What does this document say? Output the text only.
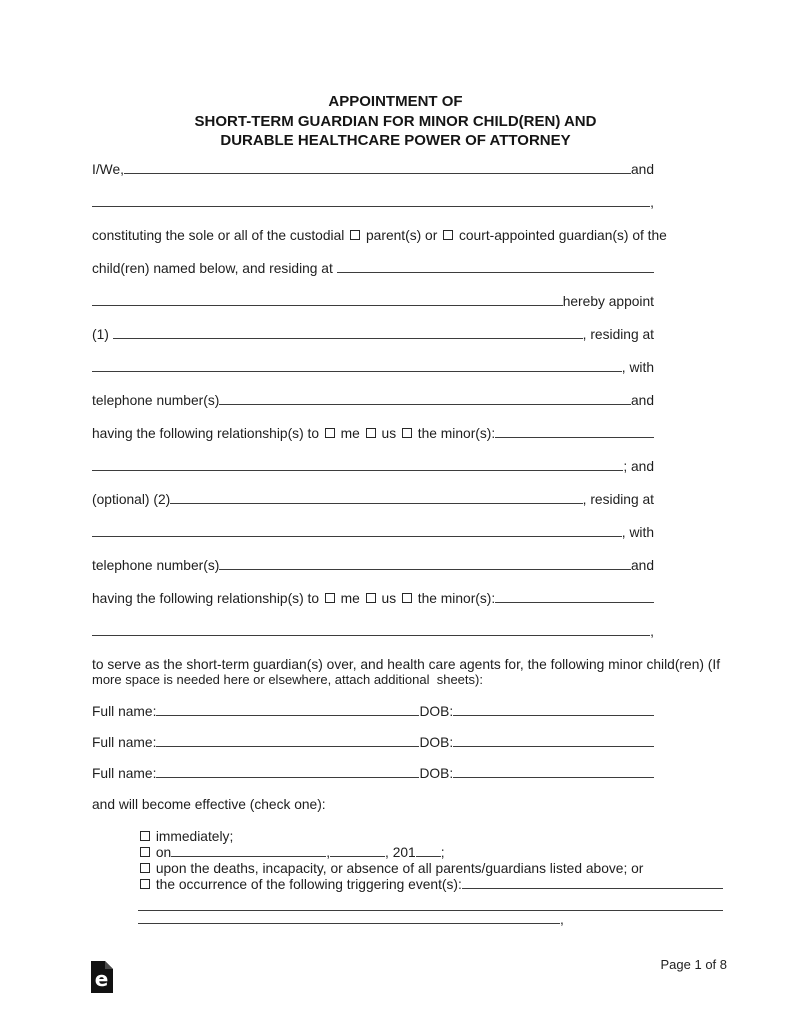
APPOINTMENT OF
SHORT-TERM GUARDIAN FOR MINOR CHILD(REN) AND
DURABLE HEALTHCARE POWER OF ATTORNEY
I/We,	and
,
constituting the sole or all of the custodial parent(s) or court-appointed guardian(s) of the
child(ren) named below, and residing at
hereby appoint
(1)	, residing at
, with
telephone number(s)	and
having the following relationship(s) to me us the minor(s):
; and
(optional) (2)	, residing at
, with
telephone number(s)	and
having the following relationship(s) to me us the minor(s):
,
to serve as the short-term guardian(s) over, and health care agents for, the following minor child(ren) (If
more space is needed here or elsewhere, attach additional  sheets):
Full name:	DOB:
Full name:	DOB:
Full name:	DOB:
and will become effective (check one):
immediately;
on	,	, 201 ;
upon the deaths, incapacity, or absence of all parents/guardians listed above; or
the occurrence of the following triggering event(s):
,
e
Page 1 of 8
